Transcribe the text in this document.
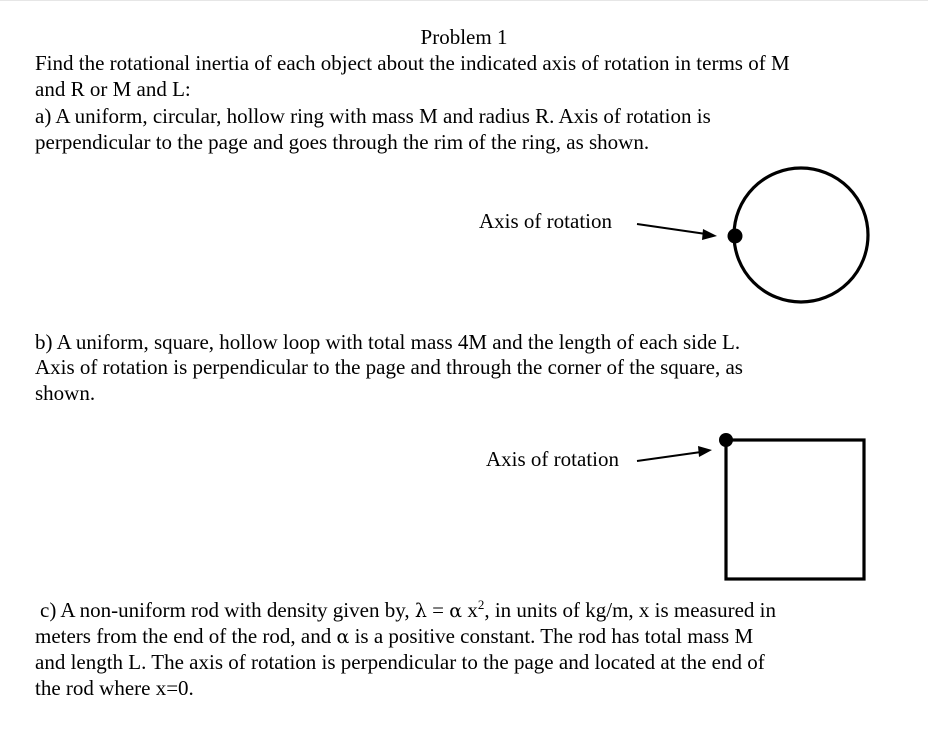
Problem 1
Find the rotational inertia of each object about the indicated axis of rotation in terms of M
and R or M and L:
a) A uniform, circular, hollow ring with mass M and radius R. Axis of rotation is
perpendicular to the page and goes through the rim of the ring, as shown.
Axis of rotation
b) A uniform, square, hollow loop with total mass 4M and the length of each side L.
Axis of rotation is perpendicular to the page and through the corner of the square, as
shown.
Axis of rotation
c) A non-uniform rod with density given by, λ = α $x^2$, in units of kg/m, x is measured in
meters from the end of the rod, and α is a positive constant. The rod has total mass M
and length L. The axis of rotation is perpendicular to the page and located at the end of
the rod where x=0.
